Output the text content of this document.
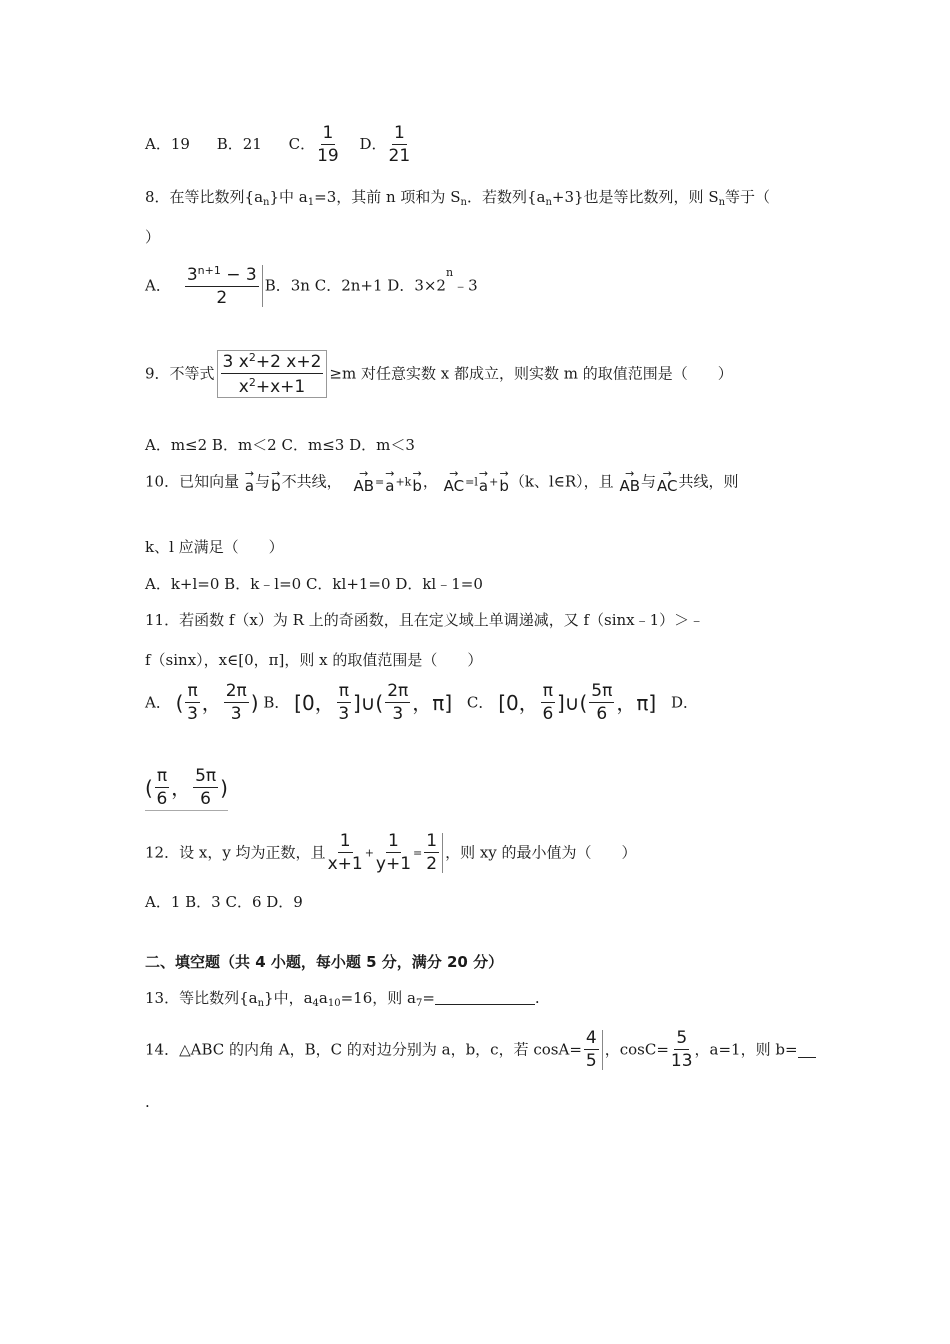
A．19 B．21 C． $\frac{1}{19}$ D． $\frac{1}{21}$
8．在等比数列$\{a_n\}$中 $a_1=3$，其前 n 项和为 $S_n$．若数列$\{a_n+3\}$也是等比数列，则 $S_n$等于（
）
A． $\frac{3^{n+1} - 3}{2}$ B．3n C．2n+1 D．$3\times 2^n﹣3$
9．不等式 $\frac{3 x^2+2 x+2}{x^2+x+1} \ge m$ 对任意实数 x 都成立，则实数 m 的取值范围是（　　）
A．m≤2 B．m＜2 C．m≤3 D．m＜3
10．已知向量 →
a 与 →
b 不共线， →
AB =
→
a +k
→
b ， →
AC =l
→
a +
→
b （k、l∈R），且 →
AB 与 →
AC 共线，则
k、l 应满足（　　）
A．k+l=0 B．k﹣l=0 C．kl+1=0 D．kl﹣1=0
11．若函数 f（x）为 R 上的奇函数，且在定义域上单调递减，又 f（sinx﹣1）＞﹣
f（sinx），x∈[0，π]，则 x 的取值范围是（　　）
A． ( $\frac{\pi}{3}$ ， $\frac{2\pi}{3}$ ) B． [0， $\frac{\pi}{3}$ ]∪( $\frac{2\pi}{3}$ ，π] C． [0， $\frac{\pi}{6}$ ]∪( $\frac{5\pi}{6}$ ，π] D．
( $\frac{\pi}{6}$ ， $\frac{5\pi}{6}$ )
12．设 x，y 均为正数，且 $\frac{1}{x+1} + \frac{1}{y+1} = \frac{1}{2}$ ，则 xy 的最小值为（　　）
A．1 B．3 C．6 D．9
二、填空题（共 4 小题，每小题 5 分，满分 20 分）
13．等比数列$\{a_n\}$中，$a_4a_{10}=16$，则 $a_7=$	.
14．△ABC 的内角 A，B，C 的对边分别为 a，b，c，若 $\cos A= \frac{4}{5}$ ，$\cos C= \frac{5}{13}$ ，a=1，则 b=
.
